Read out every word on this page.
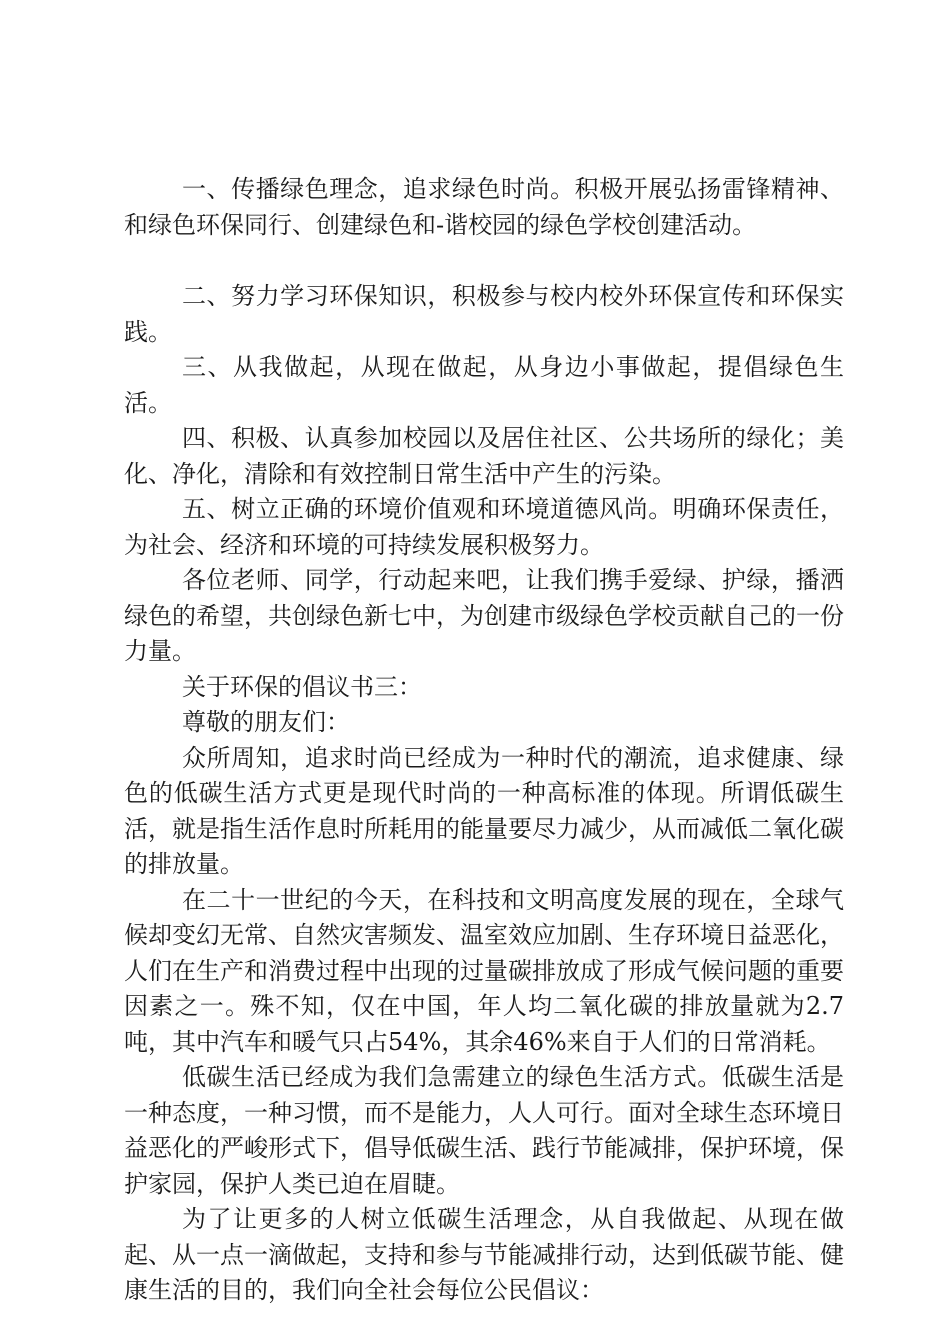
一、传播绿色理念，追求绿色时尚。积极开展弘扬雷锋精神、和绿色环保同行、创建绿色和-谐校园的绿色学校创建活动。

二、努力学习环保知识，积极参与校内校外环保宣传和环保实践。

三、从我做起，从现在做起，从身边小事做起，提倡绿色生活。

四、积极、认真参加校园以及居住社区、公共场所的绿化；美化、净化，清除和有效控制日常生活中产生的污染。

五、树立正确的环境价值观和环境道德风尚。明确环保责任，为社会、经济和环境的可持续发展积极努力。

各位老师、同学，行动起来吧，让我们携手爱绿、护绿，播洒绿色的希望，共创绿色新七中，为创建市级绿色学校贡献自己的一份力量。

关于环保的倡议书三：

尊敬的朋友们：

众所周知，追求时尚已经成为一种时代的潮流，追求健康、绿色的低碳生活方式更是现代时尚的一种高标准的体现。所谓低碳生活，就是指生活作息时所耗用的能量要尽力减少，从而减低二氧化碳的排放量。

在二十一世纪的今天，在科技和文明高度发展的现在，全球气候却变幻无常、自然灾害频发、温室效应加剧、生存环境日益恶化，人们在生产和消费过程中出现的过量碳排放成了形成气候问题的重要因素之一。殊不知，仅在中国，年人均二氧化碳的排放量就为2.7吨，其中汽车和暖气只占54%，其余46%来自于人们的日常消耗。

低碳生活已经成为我们急需建立的绿色生活方式。低碳生活是一种态度，一种习惯，而不是能力，人人可行。面对全球生态环境日益恶化的严峻形式下，倡导低碳生活、践行节能减排，保护环境，保护家园，保护人类已迫在眉睫。

为了让更多的人树立低碳生活理念，从自我做起、从现在做起、从一点一滴做起，支持和参与节能减排行动，达到低碳节能、健康生活的目的，我们向全社会每位公民倡议：
